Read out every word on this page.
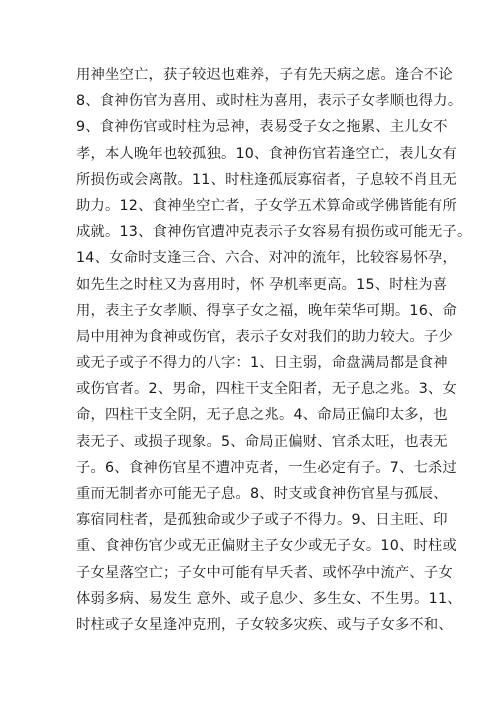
用神坐空亡，获子较迟也难养，子有先天病之虑。逢合不论
8、食神伤官为喜用、或时柱为喜用，表示子女孝顺也得力。
9、食神伤官或时柱为忌神，表易受子女之拖累、主儿女不
孝，本人晚年也较孤独。10、食神伤官若逢空亡，表儿女有
所损伤或会离散。11、时柱逢孤辰寡宿者，子息较不肖且无
助力。12、食神坐空亡者，子女学五术算命或学佛皆能有所
成就。13、食神伤官遭冲克表示子女容易有损伤或可能无子。
14、女命时支逢三合、六合、对冲的流年，比较容易怀孕，
如先生之时柱又为喜用时，怀 孕机率更高。15、时柱为喜
用，表主子女孝顺、得享子女之福，晚年荣华可期。16、命
局中用神为食神或伤官，表示子女对我们的助力较大。子少
或无子或子不得力的八字：1、日主弱，命盘满局都是食神
或伤官者。2、男命，四柱干支全阳者，无子息之兆。3、女
命，四柱干支全阴，无子息之兆。4、命局正偏印太多，也
表无子、或损子现象。5、命局正偏财、官杀太旺，也表无
子。6、食神伤官星不遭冲克者，一生必定有子。7、七杀过
重而无制者亦可能无子息。8、时支或食神伤官星与孤辰、
寡宿同柱者，是孤独命或少子或子不得力。9、日主旺、印
重、食神伤官少或无正偏财主子女少或无子女。10、时柱或
子女星落空亡；子女中可能有早夭者、或怀孕中流产、子女
体弱多病、易发生 意外、或子息少、多生女、不生男。11、
时柱或子女星逢冲克刑，子女较多灾疾、或与子女多不和、
